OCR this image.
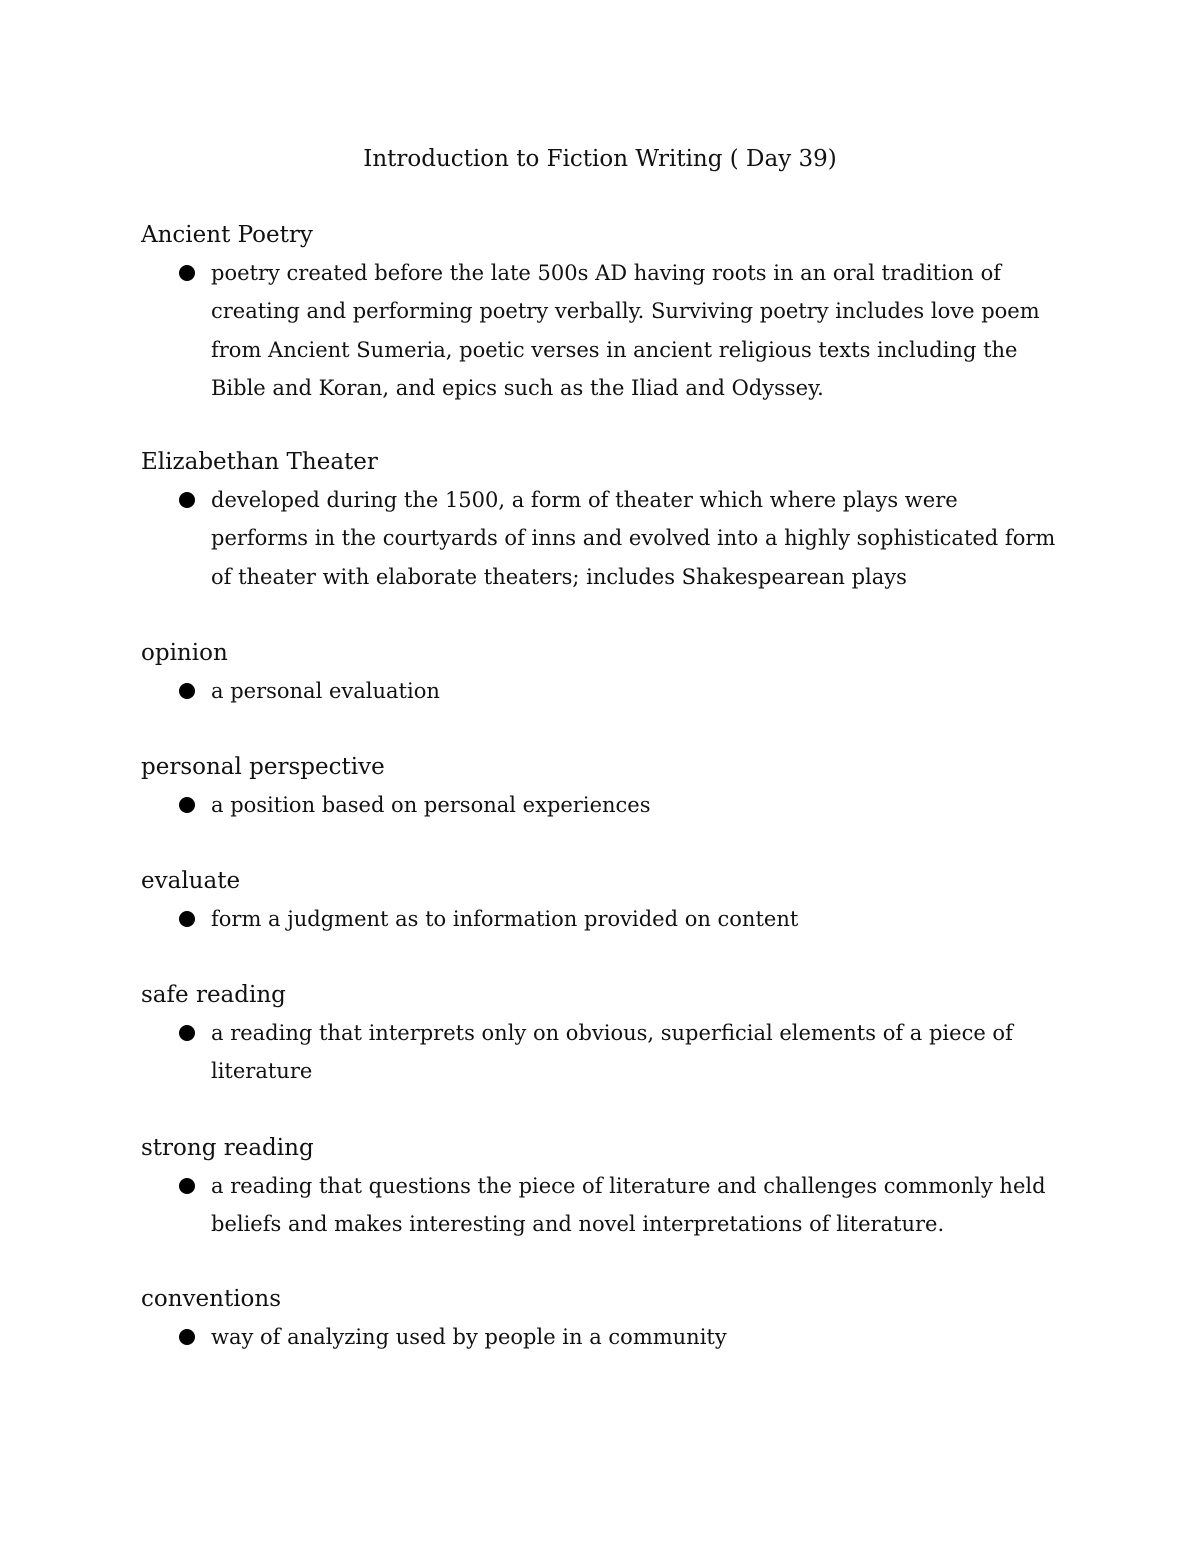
Introduction to Fiction Writing ( Day 39)

Ancient Poetry

poetry created before the late 500s AD having roots in an oral tradition of creating and performing poetry verbally. Surviving poetry includes love poem from Ancient Sumeria, poetic verses in ancient religious texts including the Bible and Koran, and epics such as the Iliad and Odyssey.

Elizabethan Theater

developed during the 1500, a form of theater which where plays were performs in the courtyards of inns and evolved into a highly sophisticated form of theater with elaborate theaters; includes Shakespearean plays

opinion

a personal evaluation

personal perspective

a position based on personal experiences

evaluate

form a judgment as to information provided on content

safe reading

a reading that interprets only on obvious, superficial elements of a piece of literature

strong reading

a reading that questions the piece of literature and challenges commonly held beliefs and makes interesting and novel interpretations of literature.

conventions

way of analyzing used by people in a community
